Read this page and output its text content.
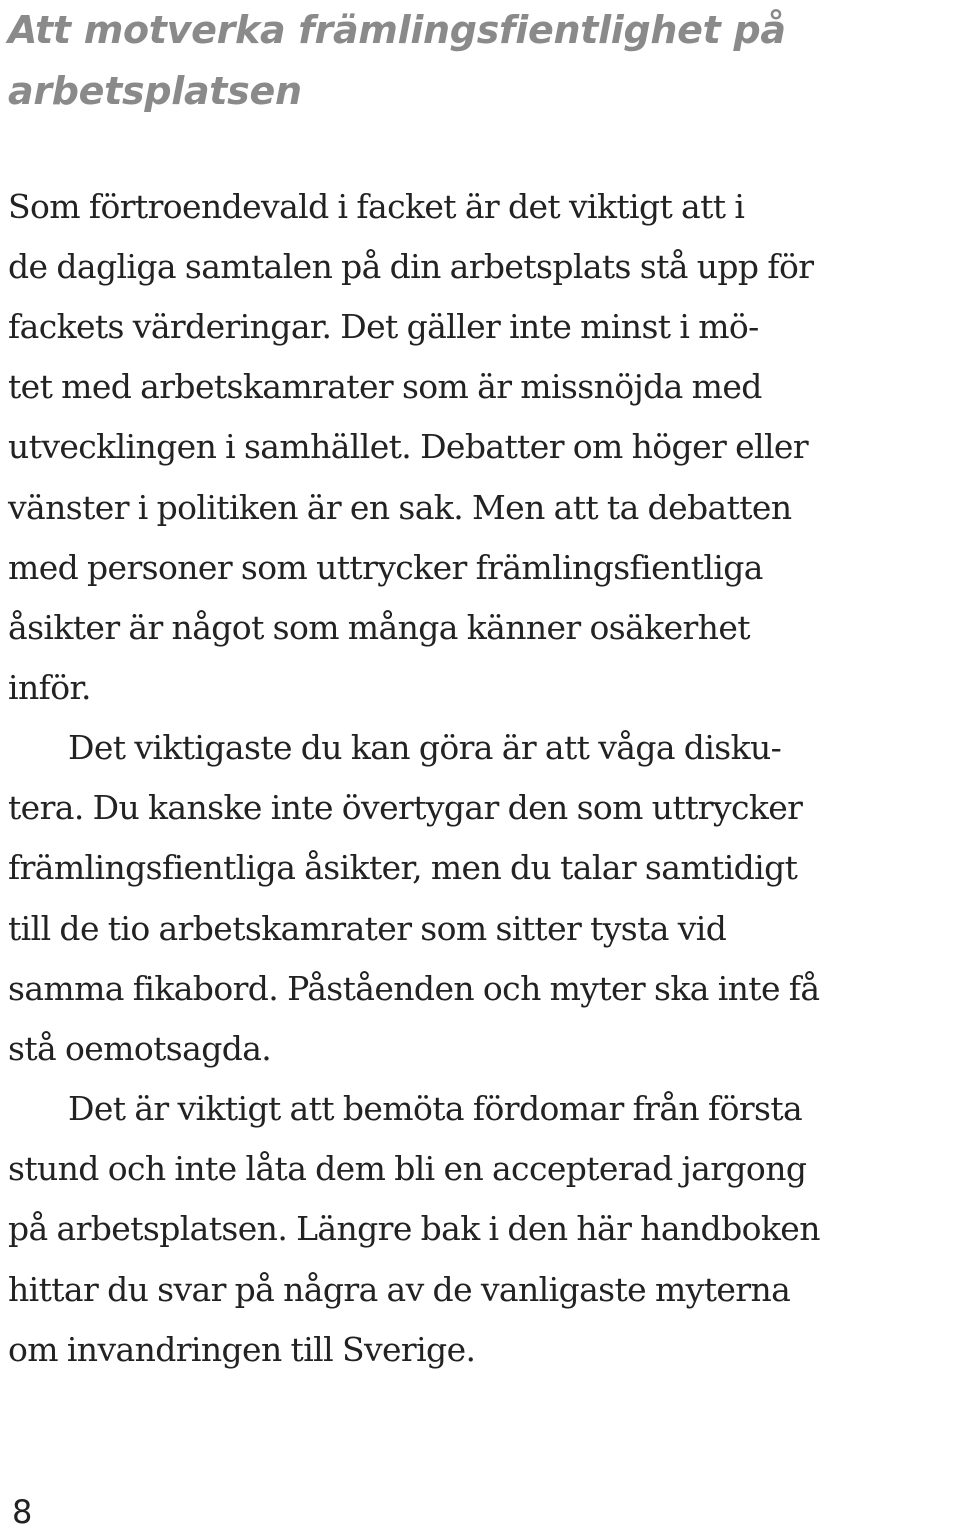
Att motverka främlingsfientlighet på arbetsplatsen
Som förtroendevald i facket är det viktigt att i
de dagliga samtalen på din arbetsplats stå upp för
fackets värderingar. Det gäller inte minst i mö-
tet med arbetskamrater som är missnöjda med
utvecklingen i samhället. Debatter om höger eller
vänster i politiken är en sak. Men att ta debatten
med personer som uttrycker främlingsfientliga
åsikter är något som många känner osäkerhet
inför.
Det viktigaste du kan göra är att våga disku-
tera. Du kanske inte övertygar den som uttrycker
främlingsfientliga åsikter, men du talar samtidigt
till de tio arbetskamrater som sitter tysta vid
samma fikabord. Påståenden och myter ska inte få
stå oemotsagda.
Det är viktigt att bemöta fördomar från första
stund och inte låta dem bli en accepterad jargong
på arbetsplatsen. Längre bak i den här handboken
hittar du svar på några av de vanligaste myterna
om invandringen till Sverige.
8
